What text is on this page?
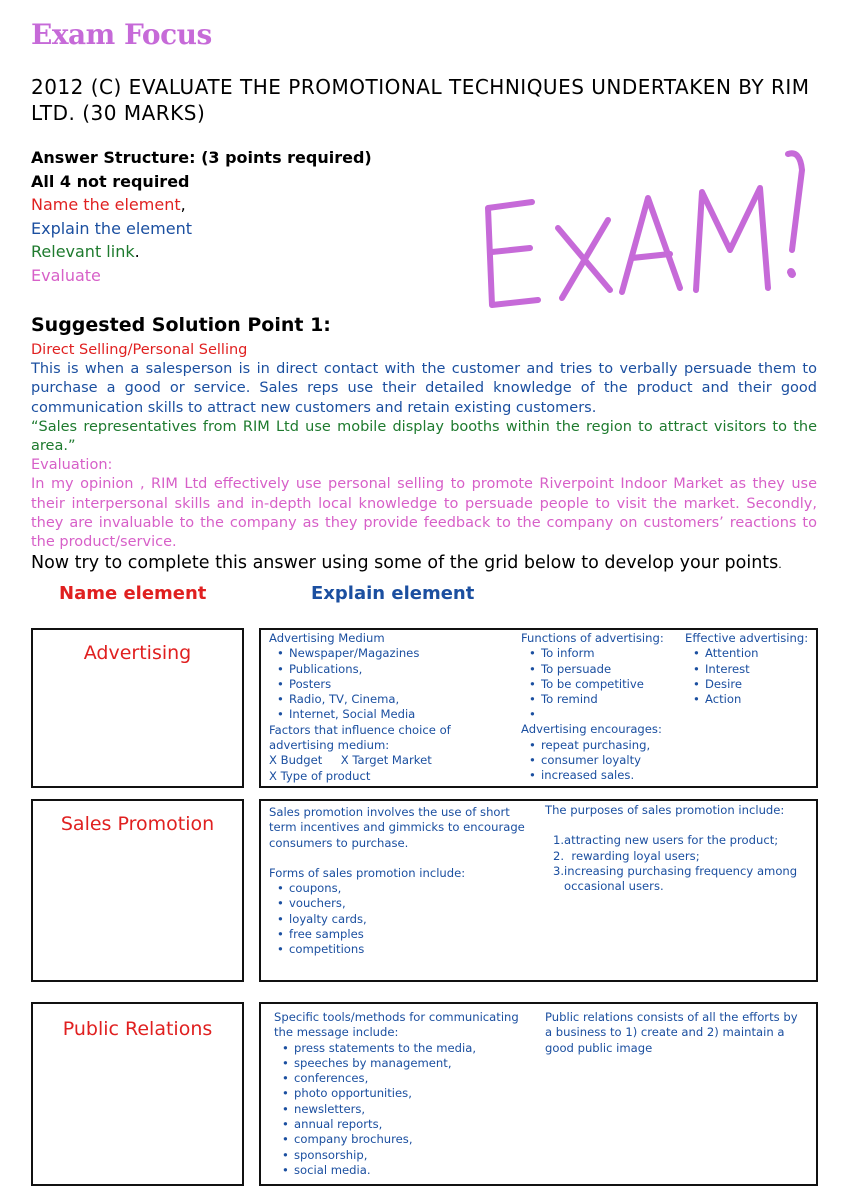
Exam Focus
2012 (C) EVALUATE THE PROMOTIONAL TECHNIQUES UNDERTAKEN BY RIM LTD. (30 MARKS)
Answer Structure: (3 points required)
All 4 not required
Name the element,
Explain the element
Relevant link.
Evaluate
Suggested Solution Point 1:

Direct Selling/Personal Selling

This is when a salesperson is in direct contact with the customer and tries to verbally persuade them to purchase a good or service. Sales reps use their detailed knowledge of the product and their good communication skills to attract new customers and retain existing customers.

“Sales representatives from RIM Ltd use mobile display booths within the region to attract visitors to the area.”

Evaluation:

In my opinion , RIM Ltd effectively use personal selling to promote Riverpoint Indoor Market as they use their interpersonal skills and in-depth local knowledge to persuade people to visit the market. Secondly, they are invaluable to the company as they provide feedback to the company on customers’ reactions to the product/service.

Now try to complete this answer using some of the grid below to develop your points.
Name element	Explain element
Advertising
Advertising Medium
• Newspaper/Magazines
• Publications,
• Posters
• Radio, TV, Cinema,
• Internet, Social Media
Factors that influence choice of advertising medium:
X Budget     X Target Market
X Type of product
Functions of advertising:
• To inform
• To persuade
• To be competitive
• To remind
•
Advertising encourages:
• repeat purchasing,
• consumer loyalty
• increased sales.
Effective advertising:
• Attention
• Interest
• Desire
• Action
Sales Promotion
Sales promotion involves the use of short term incentives and gimmicks to encourage consumers to purchase.
Forms of sales promotion include:
• coupons,
• vouchers,
• loyalty cards,
• free samples
• competitions
The purposes of sales promotion include:
1.attracting new users for the product;
2.  rewarding loyal users;
3.increasing purchasing frequency among
occasional users.
Public Relations
Specific tools/methods for communicating the message include:
• press statements to the media,
• speeches by management,
• conferences,
• photo opportunities,
• newsletters,
• annual reports,
• company brochures,
• sponsorship,
• social media.
Public relations consists of all the efforts by a business to 1) create and 2) maintain a good public image
